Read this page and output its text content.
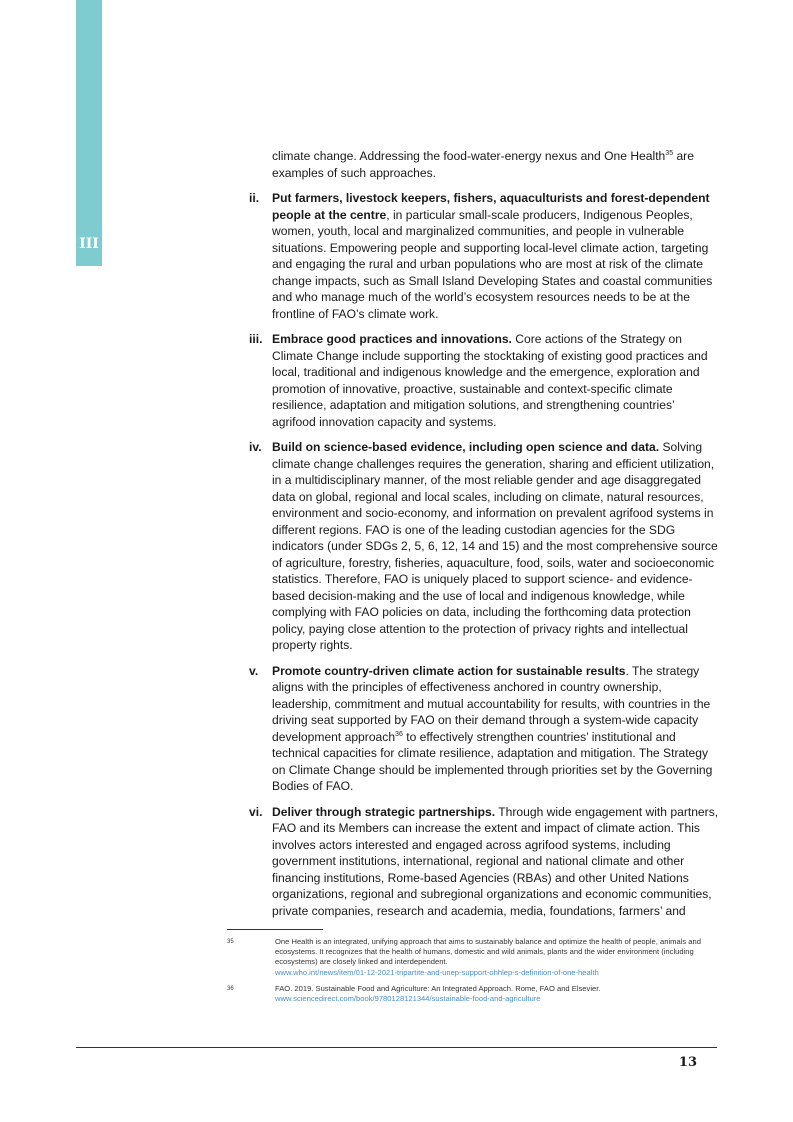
III

climate change. Addressing the food-water-energy nexus and One Health$^{35}$ are examples of such approaches.

ii. Put farmers, livestock keepers, fishers, aquaculturists and forest-dependent people at the centre, in particular small-scale producers, Indigenous Peoples, women, youth, local and marginalized communities, and people in vulnerable situations. Empowering people and supporting local-level climate action, targeting and engaging the rural and urban populations who are most at risk of the climate change impacts, such as Small Island Developing States and coastal communities and who manage much of the world’s ecosystem resources needs to be at the frontline of FAO’s climate work.

iii. Embrace good practices and innovations. Core actions of the Strategy on Climate Change include supporting the stocktaking of existing good practices and local, traditional and indigenous knowledge and the emergence, exploration and promotion of innovative, proactive, sustainable and context-specific climate resilience, adaptation and mitigation solutions, and strengthening countries’ agrifood innovation capacity and systems.

iv. Build on science-based evidence, including open science and data. Solving climate change challenges requires the generation, sharing and efficient utilization, in a multidisciplinary manner, of the most reliable gender and age disaggregated data on global, regional and local scales, including on climate, natural resources, environment and socio-economy, and information on prevalent agrifood systems in different regions. FAO is one of the leading custodian agencies for the SDG indicators (under SDGs 2, 5, 6, 12, 14 and 15) and the most comprehensive source of agriculture, forestry, fisheries, aquaculture, food, soils, water and socioeconomic statistics. Therefore, FAO is uniquely placed to support science- and evidence-based decision-making and the use of local and indigenous knowledge, while complying with FAO policies on data, including the forthcoming data protection policy, paying close attention to the protection of privacy rights and intellectual property rights.

v. Promote country-driven climate action for sustainable results. The strategy aligns with the principles of effectiveness anchored in country ownership, leadership, commitment and mutual accountability for results, with countries in the driving seat supported by FAO on their demand through a system-wide capacity development approach$^{36}$ to effectively strengthen countries’ institutional and technical capacities for climate resilience, adaptation and mitigation. The Strategy on Climate Change should be implemented through priorities set by the Governing Bodies of FAO.

vi. Deliver through strategic partnerships. Through wide engagement with partners, FAO and its Members can increase the extent and impact of climate action. This involves actors interested and engaged across agrifood systems, including government institutions, international, regional and national climate and other financing institutions, Rome-based Agencies (RBAs) and other United Nations organizations, regional and subregional organizations and economic communities, private companies, research and academia, media, foundations, farmers’ and

35	One Health is an integrated, unifying approach that aims to sustainably balance and optimize the health of people, animals and ecosystems. It recognizes that the health of humans, domestic and wild animals, plants and the wider environment (including ecosystems) are closely linked and interdependent.
www.who.int/news/item/01-12-2021-tripartite-and-unep-support-ohhlep-s-definition-of-one-health
36	FAO. 2019. Sustainable Food and Agriculture: An Integrated Approach. Rome, FAO and Elsevier.
www.sciencedirect.com/book/9780128121344/sustainable-food-and-agriculture
13
